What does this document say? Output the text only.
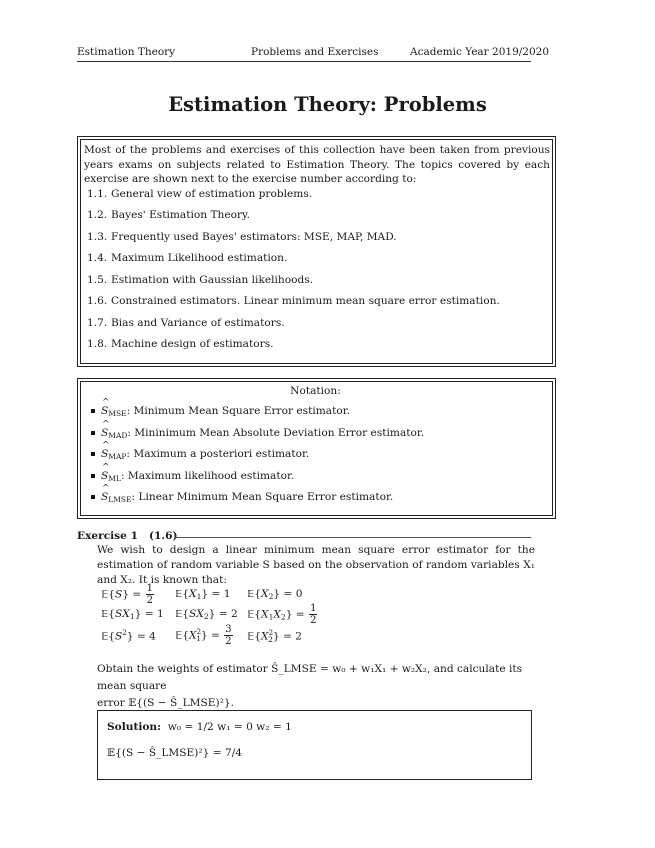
Estimation Theory	Problems and Exercises	Academic Year 2019/2020
Estimation Theory: Problems
Most of the problems and exercises of this collection have been taken from previous years exams on subjects related to Estimation Theory. The topics covered by each exercise are shown next to the exercise number according to:
1.1. General view of estimation problems.
1.2. Bayes' Estimation Theory.
1.3. Frequently used Bayes' estimators: MSE, MAP, MAD.
1.4. Maximum Likelihood estimation.
1.5. Estimation with Gaussian likelihoods.
1.6. Constrained estimators. Linear minimum mean square error estimation.
1.7. Bias and Variance of estimators.
1.8. Machine design of estimators.
Notation:
^
$S_{MSE}$: Minimum Mean Square Error estimator.
^
$S_{MAD}$: Mininimum Mean Absolute Deviation Error estimator.
^
$S_{MAP}$: Maximum a posteriori estimator.
^
$S_{ML}$: Maximum likelihood estimator.
^
$S_{LMSE}$: Linear Minimum Mean Square Error estimator.
Exercise 1 (1.6)
We wish to design a linear minimum mean square error estimator for the estimation of random variable S based on the observation of random variables X₁ and X₂. It is known that:
𝔼{S} = $\frac{1}{2}$ $𝔼\{X_1\} = 1$ $𝔼\{X_2\} = 0$
$𝔼\{SX_1\} = 1$ $𝔼\{SX_2\} = 2$ $𝔼\{X_1X_2\} = \frac{1}{2}$
$𝔼\{S^2\} = 4$ $𝔼\{X^2_1\} = \frac{3}{2}$ $𝔼\{X^2_2\} = 2$
Obtain the weights of estimator Ŝ_LMSE = w₀ + w₁X₁ + w₂X₂, and calculate its mean square
error 𝔼{(S − Ŝ_LMSE)²}.
Solution: w₀ = 1/2 w₁ = 0 w₂ = 1
𝔼{(S − Ŝ_LMSE)²} = 7/4
